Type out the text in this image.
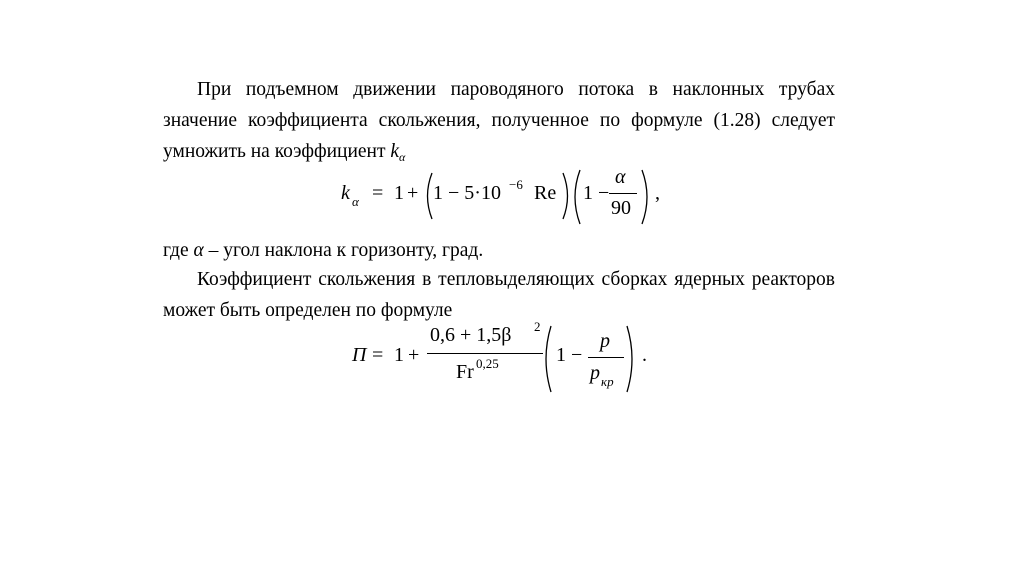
При подъемном движении пароводяного потока в наклонных трубах значение коэффициента скольжения, полученное по формуле (1.28) следует умножить на коэффициент $k_\alpha$

k α = 1 + 1 − 5·10 −6 Re 1 −
α
90
,

где α – угол наклона к горизонту, град.

Коэффициент скольжения в тепловыделяющих сборках ядерных реакторов может быть определен по формуле

П = 1 +
0,6 + 1,5β 2
Fr 0,25	1 −
p
p кр
.
